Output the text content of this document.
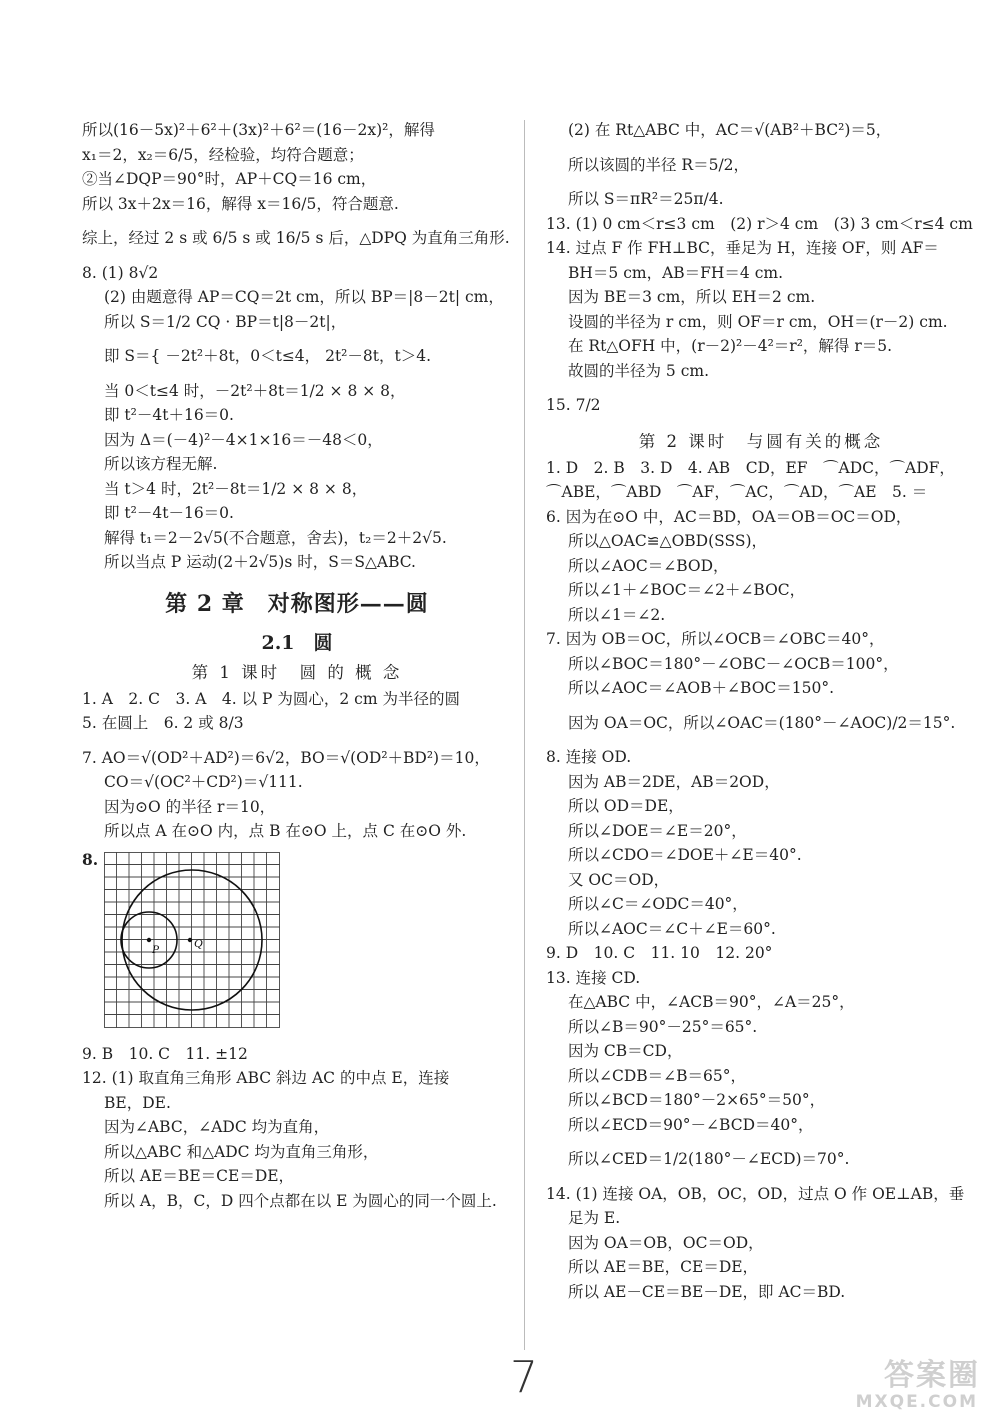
所以(16－5x)²＋6²＋(3x)²＋6²＝(16－2x)²，解得
x₁＝2，x₂＝6/5，经检验，均符合题意；
②当∠DQP＝90°时，AP＋CQ＝16 cm，
所以 3x＋2x＝16，解得 x＝16/5，符合题意.
综上，经过 2 s 或 6/5 s 或 16/5 s 后，△DPQ 为直角三角形.
8. (1) 8√2
(2) 由题意得 AP＝CQ＝2t cm，所以 BP＝|8－2t| cm，
所以 S＝1/2 CQ · BP＝t|8－2t|，
即 S＝{ －2t²＋8t，0＜t≤4， 2t²－8t，t＞4.
当 0＜t≤4 时，－2t²＋8t＝1/2 × 8 × 8，
即 t²－4t＋16＝0.
因为 Δ＝(－4)²－4×1×16＝－48＜0，
所以该方程无解.
当 t＞4 时，2t²－8t＝1/2 × 8 × 8，
即 t²－4t－16＝0.
解得 t₁＝2－2√5(不合题意，舍去)，t₂＝2＋2√5.
所以当点 P 运动(2＋2√5)s 时，S＝S△ABC.
第 2 章　对称图形——圆
2.1　圆
第 1 课时　圆 的 概 念
1. A　2. C　3. A　4. 以 P 为圆心，2 cm 为半径的圆
5. 在圆上　6. 2 或 8/3
7. AO＝√(OD²＋AD²)＝6√2，BO＝√(OD²＋BD²)＝10，
CO＝√(OC²＋CD²)＝√111.
因为⊙O 的半径 r＝10，
所以点 A 在⊙O 内，点 B 在⊙O 上，点 C 在⊙O 外.
8.
P	Q
9. B　10. C　11. ±12
12. (1) 取直角三角形 ABC 斜边 AC 的中点 E，连接
BE，DE.
因为∠ABC，∠ADC 均为直角，
所以△ABC 和△ADC 均为直角三角形，
所以 AE＝BE＝CE＝DE，
所以 A，B，C，D 四个点都在以 E 为圆心的同一个圆上.
(2) 在 Rt△ABC 中，AC＝√(AB²＋BC²)＝5，
所以该圆的半径 R＝5/2，
所以 S＝πR²＝25π/4.
13. (1) 0 cm＜r≤3 cm　(2) r＞4 cm　(3) 3 cm＜r≤4 cm
14. 过点 F 作 FH⊥BC，垂足为 H，连接 OF，则 AF＝
BH＝5 cm，AB＝FH＝4 cm.
因为 BE＝3 cm，所以 EH＝2 cm.
设圆的半径为 r cm，则 OF＝r cm，OH＝(r－2) cm.
在 Rt△OFH 中，(r－2)²－4²＝r²，解得 r＝5.
故圆的半径为 5 cm.
15. 7/2
第 2 课时　与圆有关的概念
1. D　2. B　3. D　4. AB　CD，EF　⌒ADC，⌒ADF，
⌒ABE，⌒ABD　⌒AF，⌒AC，⌒AD，⌒AE　5. ＝
6. 因为在⊙O 中，AC＝BD，OA＝OB＝OC＝OD，
所以△OAC≌△OBD(SSS)，
所以∠AOC＝∠BOD，
所以∠1＋∠BOC＝∠2＋∠BOC，
所以∠1＝∠2.
7. 因为 OB＝OC，所以∠OCB＝∠OBC＝40°，
所以∠BOC＝180°－∠OBC－∠OCB＝100°，
所以∠AOC＝∠AOB＋∠BOC＝150°.
因为 OA＝OC，所以∠OAC＝(180°－∠AOC)/2＝15°.
8. 连接 OD.
因为 AB＝2DE，AB＝2OD，
所以 OD＝DE，
所以∠DOE＝∠E＝20°，
所以∠CDO＝∠DOE＋∠E＝40°.
又 OC＝OD，
所以∠C＝∠ODC＝40°，
所以∠AOC＝∠C＋∠E＝60°.
9. D　10. C　11. 10　12. 20°
13. 连接 CD.
在△ABC 中，∠ACB＝90°，∠A＝25°，
所以∠B＝90°－25°＝65°.
因为 CB＝CD，
所以∠CDB＝∠B＝65°，
所以∠BCD＝180°－2×65°＝50°，
所以∠ECD＝90°－∠BCD＝40°，
所以∠CED＝1/2(180°－∠ECD)＝70°.
14. (1) 连接 OA，OB，OC，OD，过点 O 作 OE⊥AB，垂
足为 E.
因为 OA＝OB，OC＝OD，
所以 AE＝BE，CE＝DE，
所以 AE－CE＝BE－DE，即 AC＝BD.
7	答案圈
MXQE.COM
